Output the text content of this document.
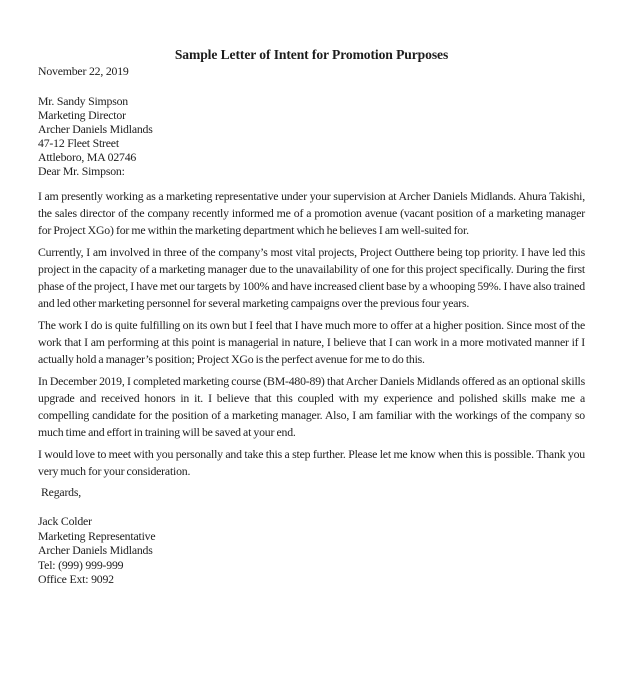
Sample Letter of Intent for Promotion Purposes
November 22, 2019
Mr. Sandy Simpson
Marketing Director
Archer Daniels Midlands
47-12 Fleet Street
Attleboro, MA 02746
Dear Mr. Simpson:

I am presently working as a marketing representative under your supervision at Archer Daniels Midlands. Ahura Takishi, the sales director of the company recently informed me of a promotion avenue (vacant position of a marketing manager for Project XGo) for me within the marketing department which he believes I am well-suited for.

Currently, I am involved in three of the company’s most vital projects, Project Outthere being top priority. I have led this project in the capacity of a marketing manager due to the unavailability of one for this project specifically. During the first phase of the project, I have met our targets by 100% and have increased client base by a whooping 59%. I have also trained and led other marketing personnel for several marketing campaigns over the previous four years.

The work I do is quite fulfilling on its own but I feel that I have much more to offer at a higher position. Since most of the work that I am performing at this point is managerial in nature, I believe that I can work in a more motivated manner if I actually hold a manager’s position; Project XGo is the perfect avenue for me to do this.

In December 2019, I completed marketing course (BM-480-89) that Archer Daniels Midlands offered as an optional skills upgrade and received honors in it. I believe that this coupled with my experience and polished skills make me a compelling candidate for the position of a marketing manager. Also, I am familiar with the workings of the company so much time and effort in training will be saved at your end.

I would love to meet with you personally and take this a step further. Please let me know when this is possible. Thank you very much for your consideration.

Regards,
Jack Colder
Marketing Representative
Archer Daniels Midlands
Tel: (999) 999-999
Office Ext: 9092
